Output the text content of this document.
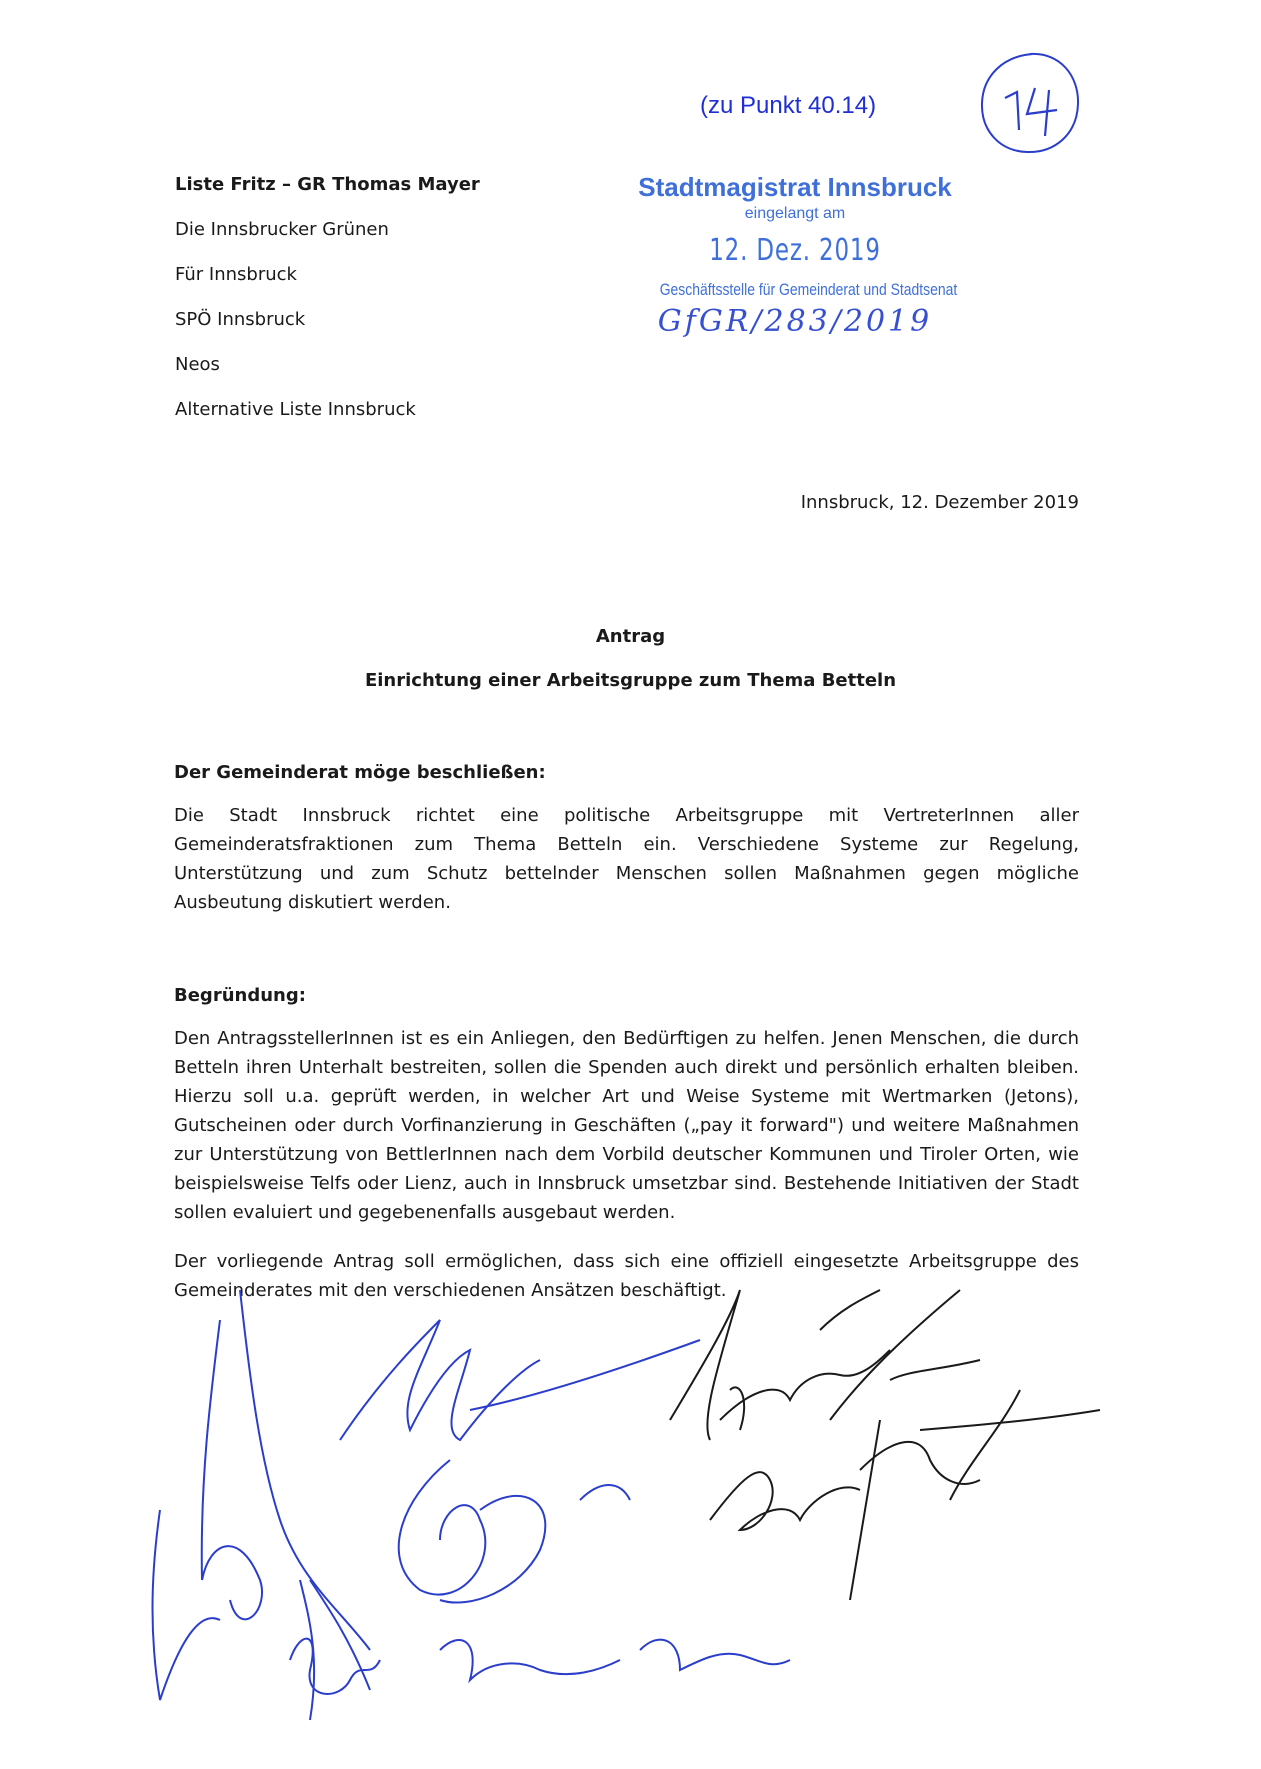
(zu Punkt 40.14)
Liste Fritz – GR Thomas Mayer
Die Innsbrucker Grünen
Für Innsbruck
SPÖ Innsbruck
Neos
Alternative Liste Innsbruck
Stadtmagistrat Innsbruck
eingelangt am
12. Dez. 2019
Geschäftsstelle für Gemeinderat und Stadtsenat
GfGR/283/2019
Innsbruck, 12. Dezember 2019
Antrag
Einrichtung einer Arbeitsgruppe zum Thema Betteln
Der Gemeinderat möge beschließen:

Die Stadt Innsbruck richtet eine politische Arbeitsgruppe mit VertreterInnen aller Gemeinderatsfraktionen zum Thema Betteln ein. Verschiedene Systeme zur Regelung, Unterstützung und zum Schutz bettelnder Menschen sollen Maßnahmen gegen mögliche Ausbeutung diskutiert werden.

Begründung:

Den AntragsstellerInnen ist es ein Anliegen, den Bedürftigen zu helfen. Jenen Menschen, die durch Betteln ihren Unterhalt bestreiten, sollen die Spenden auch direkt und persönlich erhalten bleiben. Hierzu soll u.a. geprüft werden, in welcher Art und Weise Systeme mit Wertmarken (Jetons), Gutscheinen oder durch Vorfinanzierung in Geschäften („pay it forward") und weitere Maßnahmen zur Unterstützung von BettlerInnen nach dem Vorbild deutscher Kommunen und Tiroler Orten, wie beispielsweise Telfs oder Lienz, auch in Innsbruck umsetzbar sind. Bestehende Initiativen der Stadt sollen evaluiert und gegebenenfalls ausgebaut werden.

Der vorliegende Antrag soll ermöglichen, dass sich eine offiziell eingesetzte Arbeitsgruppe des Gemeinderates mit den verschiedenen Ansätzen beschäftigt.
